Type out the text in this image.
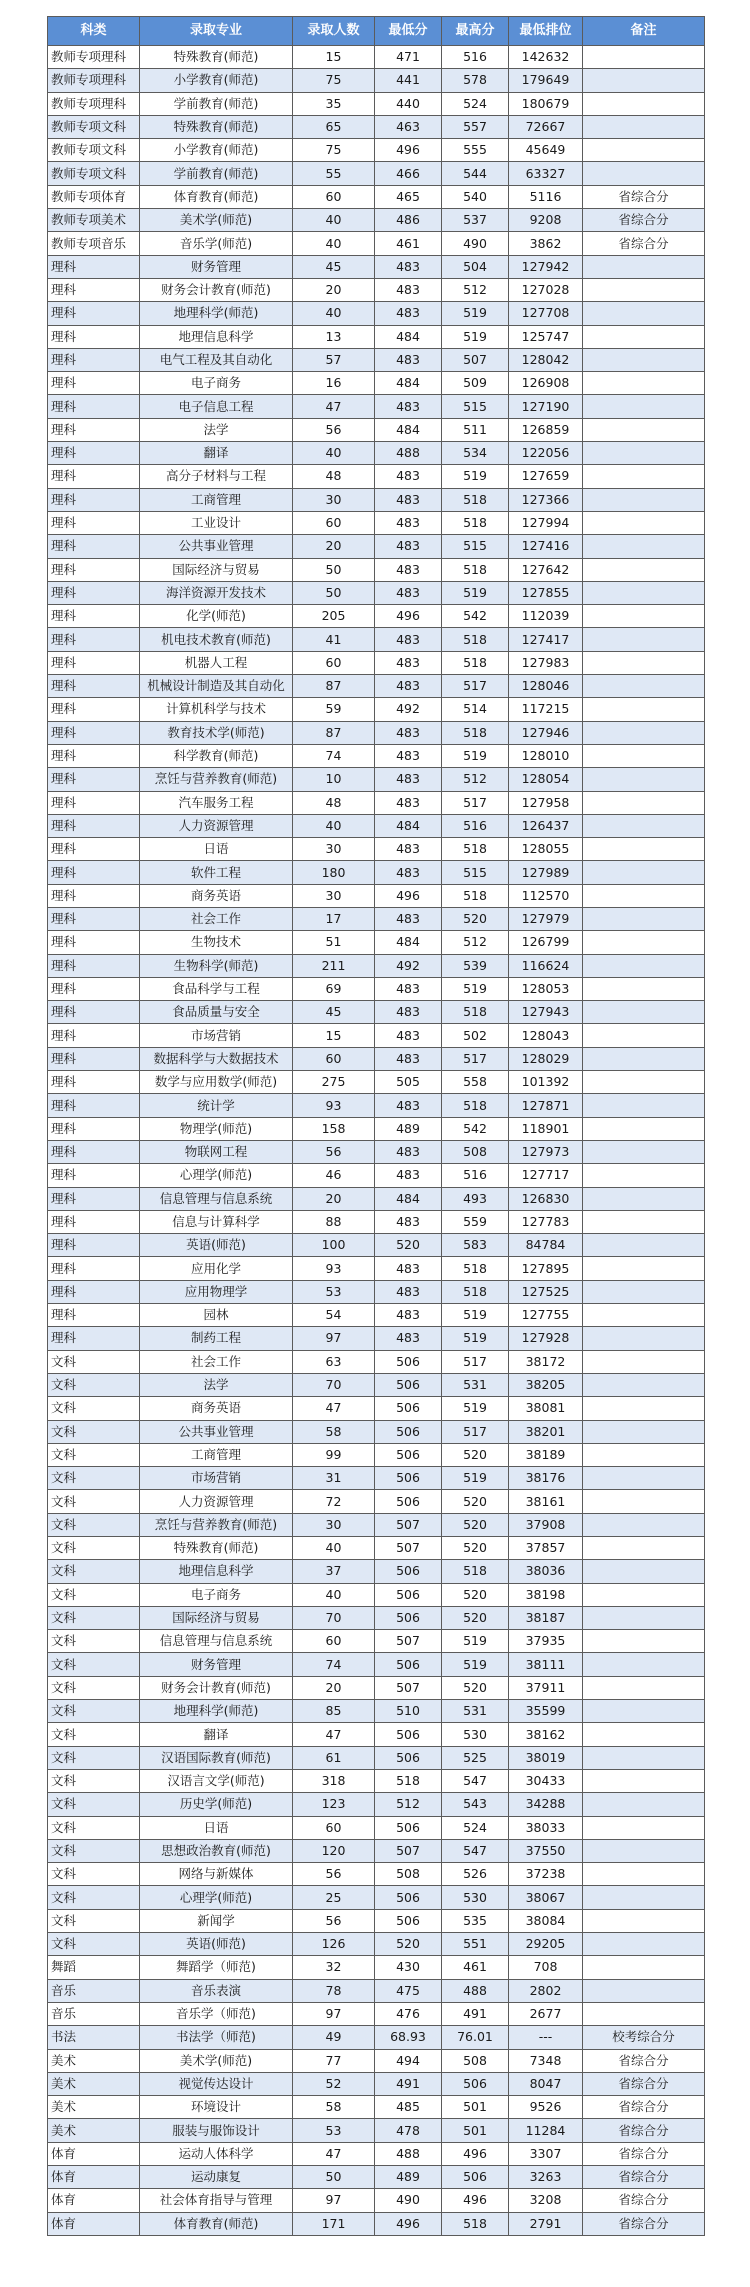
科类	录取专业	录取人数	最低分	最高分	最低排位	备注
教师专项理科	特殊教育(师范)	15	471	516	142632	
教师专项理科	小学教育(师范)	75	441	578	179649	
教师专项理科	学前教育(师范)	35	440	524	180679	
教师专项文科	特殊教育(师范)	65	463	557	72667	
教师专项文科	小学教育(师范)	75	496	555	45649	
教师专项文科	学前教育(师范)	55	466	544	63327	
教师专项体育	体育教育(师范)	60	465	540	5116	省综合分
教师专项美术	美术学(师范)	40	486	537	9208	省综合分
教师专项音乐	音乐学(师范)	40	461	490	3862	省综合分
理科	财务管理	45	483	504	127942	
理科	财务会计教育(师范)	20	483	512	127028	
理科	地理科学(师范)	40	483	519	127708	
理科	地理信息科学	13	484	519	125747	
理科	电气工程及其自动化	57	483	507	128042	
理科	电子商务	16	484	509	126908	
理科	电子信息工程	47	483	515	127190	
理科	法学	56	484	511	126859	
理科	翻译	40	488	534	122056	
理科	高分子材料与工程	48	483	519	127659	
理科	工商管理	30	483	518	127366	
理科	工业设计	60	483	518	127994	
理科	公共事业管理	20	483	515	127416	
理科	国际经济与贸易	50	483	518	127642	
理科	海洋资源开发技术	50	483	519	127855	
理科	化学(师范)	205	496	542	112039	
理科	机电技术教育(师范)	41	483	518	127417	
理科	机器人工程	60	483	518	127983	
理科	机械设计制造及其自动化	87	483	517	128046	
理科	计算机科学与技术	59	492	514	117215	
理科	教育技术学(师范)	87	483	518	127946	
理科	科学教育(师范)	74	483	519	128010	
理科	烹饪与营养教育(师范)	10	483	512	128054	
理科	汽车服务工程	48	483	517	127958	
理科	人力资源管理	40	484	516	126437	
理科	日语	30	483	518	128055	
理科	软件工程	180	483	515	127989	
理科	商务英语	30	496	518	112570	
理科	社会工作	17	483	520	127979	
理科	生物技术	51	484	512	126799	
理科	生物科学(师范)	211	492	539	116624	
理科	食品科学与工程	69	483	519	128053	
理科	食品质量与安全	45	483	518	127943	
理科	市场营销	15	483	502	128043	
理科	数据科学与大数据技术	60	483	517	128029	
理科	数学与应用数学(师范)	275	505	558	101392	
理科	统计学	93	483	518	127871	
理科	物理学(师范)	158	489	542	118901	
理科	物联网工程	56	483	508	127973	
理科	心理学(师范)	46	483	516	127717	
理科	信息管理与信息系统	20	484	493	126830	
理科	信息与计算科学	88	483	559	127783	
理科	英语(师范)	100	520	583	84784	
理科	应用化学	93	483	518	127895	
理科	应用物理学	53	483	518	127525	
理科	园林	54	483	519	127755	
理科	制药工程	97	483	519	127928	
文科	社会工作	63	506	517	38172	
文科	法学	70	506	531	38205	
文科	商务英语	47	506	519	38081	
文科	公共事业管理	58	506	517	38201	
文科	工商管理	99	506	520	38189	
文科	市场营销	31	506	519	38176	
文科	人力资源管理	72	506	520	38161	
文科	烹饪与营养教育(师范)	30	507	520	37908	
文科	特殊教育(师范)	40	507	520	37857	
文科	地理信息科学	37	506	518	38036	
文科	电子商务	40	506	520	38198	
文科	国际经济与贸易	70	506	520	38187	
文科	信息管理与信息系统	60	507	519	37935	
文科	财务管理	74	506	519	38111	
文科	财务会计教育(师范)	20	507	520	37911	
文科	地理科学(师范)	85	510	531	35599	
文科	翻译	47	506	530	38162	
文科	汉语国际教育(师范)	61	506	525	38019	
文科	汉语言文学(师范)	318	518	547	30433	
文科	历史学(师范)	123	512	543	34288	
文科	日语	60	506	524	38033	
文科	思想政治教育(师范)	120	507	547	37550	
文科	网络与新媒体	56	508	526	37238	
文科	心理学(师范)	25	506	530	38067	
文科	新闻学	56	506	535	38084	
文科	英语(师范)	126	520	551	29205	
舞蹈	舞蹈学（师范)	32	430	461	708	
音乐	音乐表演	78	475	488	2802	
音乐	音乐学（师范)	97	476	491	2677	
书法	书法学（师范)	49	68.93	76.01	---	校考综合分
美术	美术学(师范)	77	494	508	7348	省综合分
美术	视觉传达设计	52	491	506	8047	省综合分
美术	环境设计	58	485	501	9526	省综合分
美术	服装与服饰设计	53	478	501	11284	省综合分
体育	运动人体科学	47	488	496	3307	省综合分
体育	运动康复	50	489	506	3263	省综合分
体育	社会体育指导与管理	97	490	496	3208	省综合分
体育	体育教育(师范)	171	496	518	2791	省综合分
